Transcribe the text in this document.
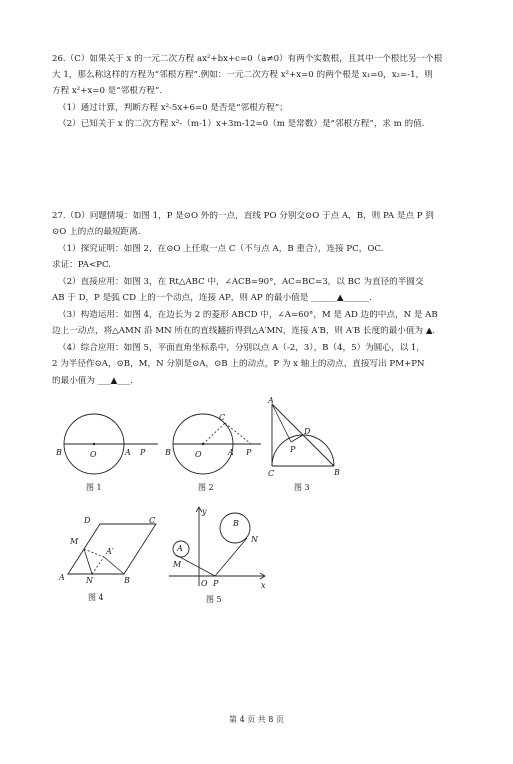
26.（C）如果关于 x 的一元二次方程 ax²+bx+c=0（a≠0）有两个实数根，且其中一个根比另一个根
大 1，那么称这样的方程为“邻根方程”.例如：一元二次方程 x²+x=0 的两个根是 x₁=0，x₂=-1，则
方程 x²+x=0 是“邻根方程”.
（1）通过计算，判断方程 x²-5x+6=0 是否是“邻根方程”；
（2）已知关于 x 的二次方程 x²-（m-1）x+3m-12=0（m 是常数）是“邻根方程”，求 m 的值.
27.（D）问题情境：如图 1，P 是⊙O 外的一点，直线 PO 分别交⊙O 于点 A，B，则 PA 是点 P 到
⊙O 上的点的最短距离.
（1）探究证明：如图 2，在⊙O 上任取一点 C（不与点 A，B 重合），连接 PC，OC.
求证：PA<PC.
（2）直接应用：如图 3，在 Rt△ABC 中，∠ACB=90°，AC=BC=3，以 BC 为直径的半圆交
AB 于 D，P 是弧 CD 上的一个动点，连接 AP，则 AP 的最小值是 ______▲______.
（3）构造运用：如图 4，在边长为 2 的菱形 ABCD 中，∠A=60°，M 是 AD 边的中点，N 是 AB
边上一动点，将△AMN 沿 MN 所在的直线翻折得到△A′MN，连接 A′B，则 A′B 长度的最小值为 ▲.
（4）综合应用：如图 5，平面直角坐标系中，分别以点 A（-2，3），B（4，5）为圆心，以 1，
2 为半径作⊙A，⊙B，M，N 分别是⊙A，⊙B 上的动点，P 为 x 轴上的动点，直接写出 PM+PN
的最小值为 ___▲___.
B	O	A P
图 1
C
B	O	A P
图 2
A
D
P
C	B
图 3
D	C
M
A′
A	N	B
图 4
y
B
N
A
M
O P	x
图 5
第 4 页 共 8 页
